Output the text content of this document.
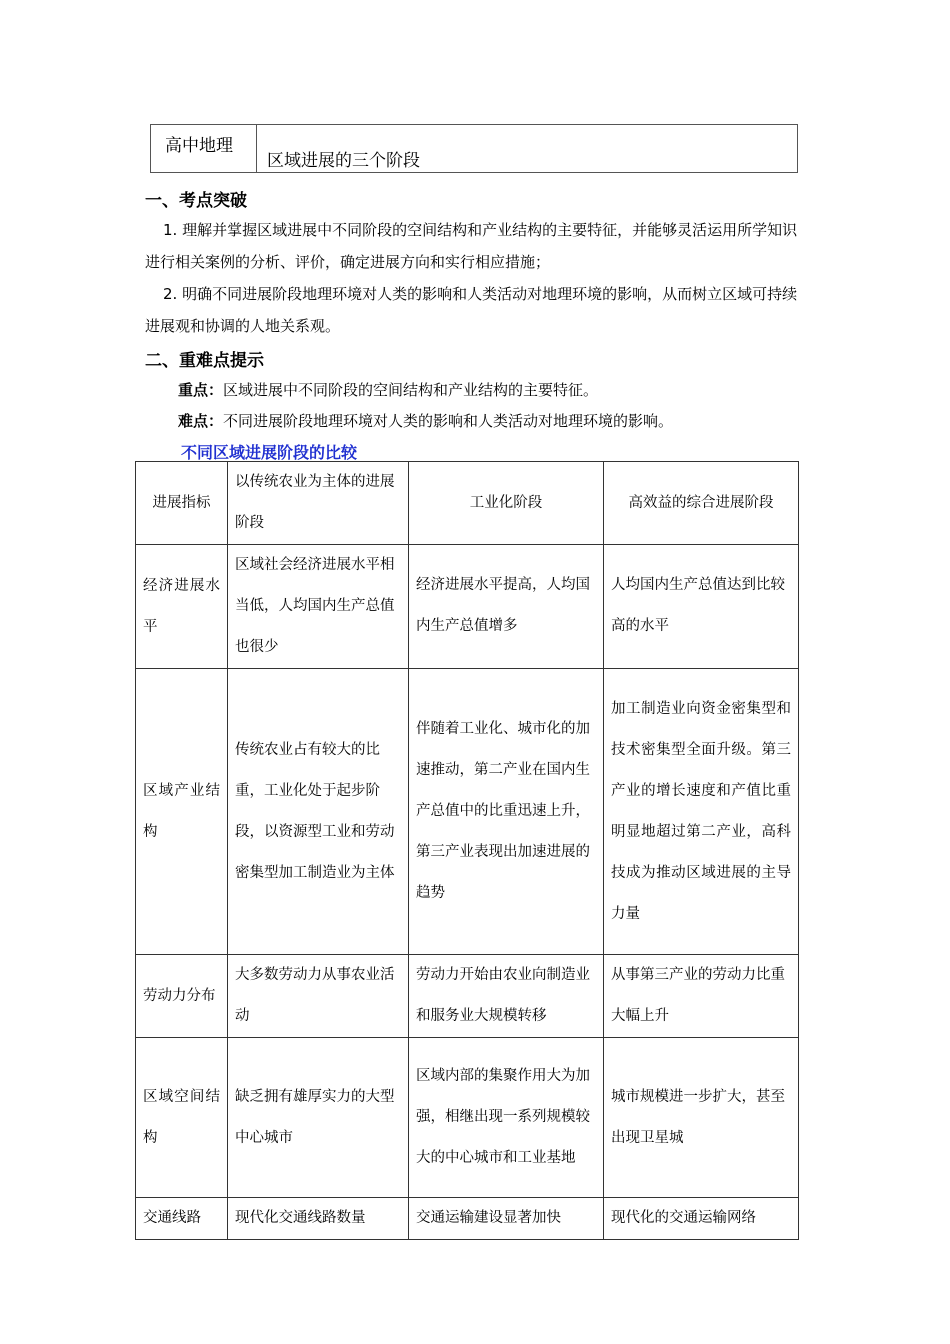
高中地理
区域进展的三个阶段
一、考点突破
1. 理解并掌握区域进展中不同阶段的空间结构和产业结构的主要特征，并能够灵活运用所学知识进行相关案例的分析、评价，确定进展方向和实行相应措施；
2. 明确不同进展阶段地理环境对人类的影响和人类活动对地理环境的影响，从而树立区域可持续进展观和协调的人地关系观。
二、重难点提示
重点：区域进展中不同阶段的空间结构和产业结构的主要特征。
难点：不同进展阶段地理环境对人类的影响和人类活动对地理环境的影响。
不同区域进展阶段的比较
进展指标	以传统农业为主体的进展阶段	工业化阶段	高效益的综合进展阶段
经济进展水平	区域社会经济进展水平相当低，人均国内生产总值也很少	经济进展水平提高，人均国内生产总值增多	人均国内生产总值达到比较高的水平
区域产业结构	传统农业占有较大的比重，工业化处于起步阶段，以资源型工业和劳动密集型加工制造业为主体	伴随着工业化、城市化的加速推动，第二产业在国内生产总值中的比重迅速上升，第三产业表现出加速进展的趋势	加工制造业向资金密集型和技术密集型全面升级。第三产业的增长速度和产值比重明显地超过第二产业，高科技成为推动区域进展的主导力量
劳动力分布	大多数劳动力从事农业活动	劳动力开始由农业向制造业和服务业大规模转移	从事第三产业的劳动力比重大幅上升
区域空间结构	缺乏拥有雄厚实力的大型中心城市	区域内部的集聚作用大为加强，相继出现一系列规模较大的中心城市和工业基地	城市规模进一步扩大，甚至出现卫星城
交通线路	现代化交通线路数量	交通运输建设显著加快	现代化的交通运输网络
